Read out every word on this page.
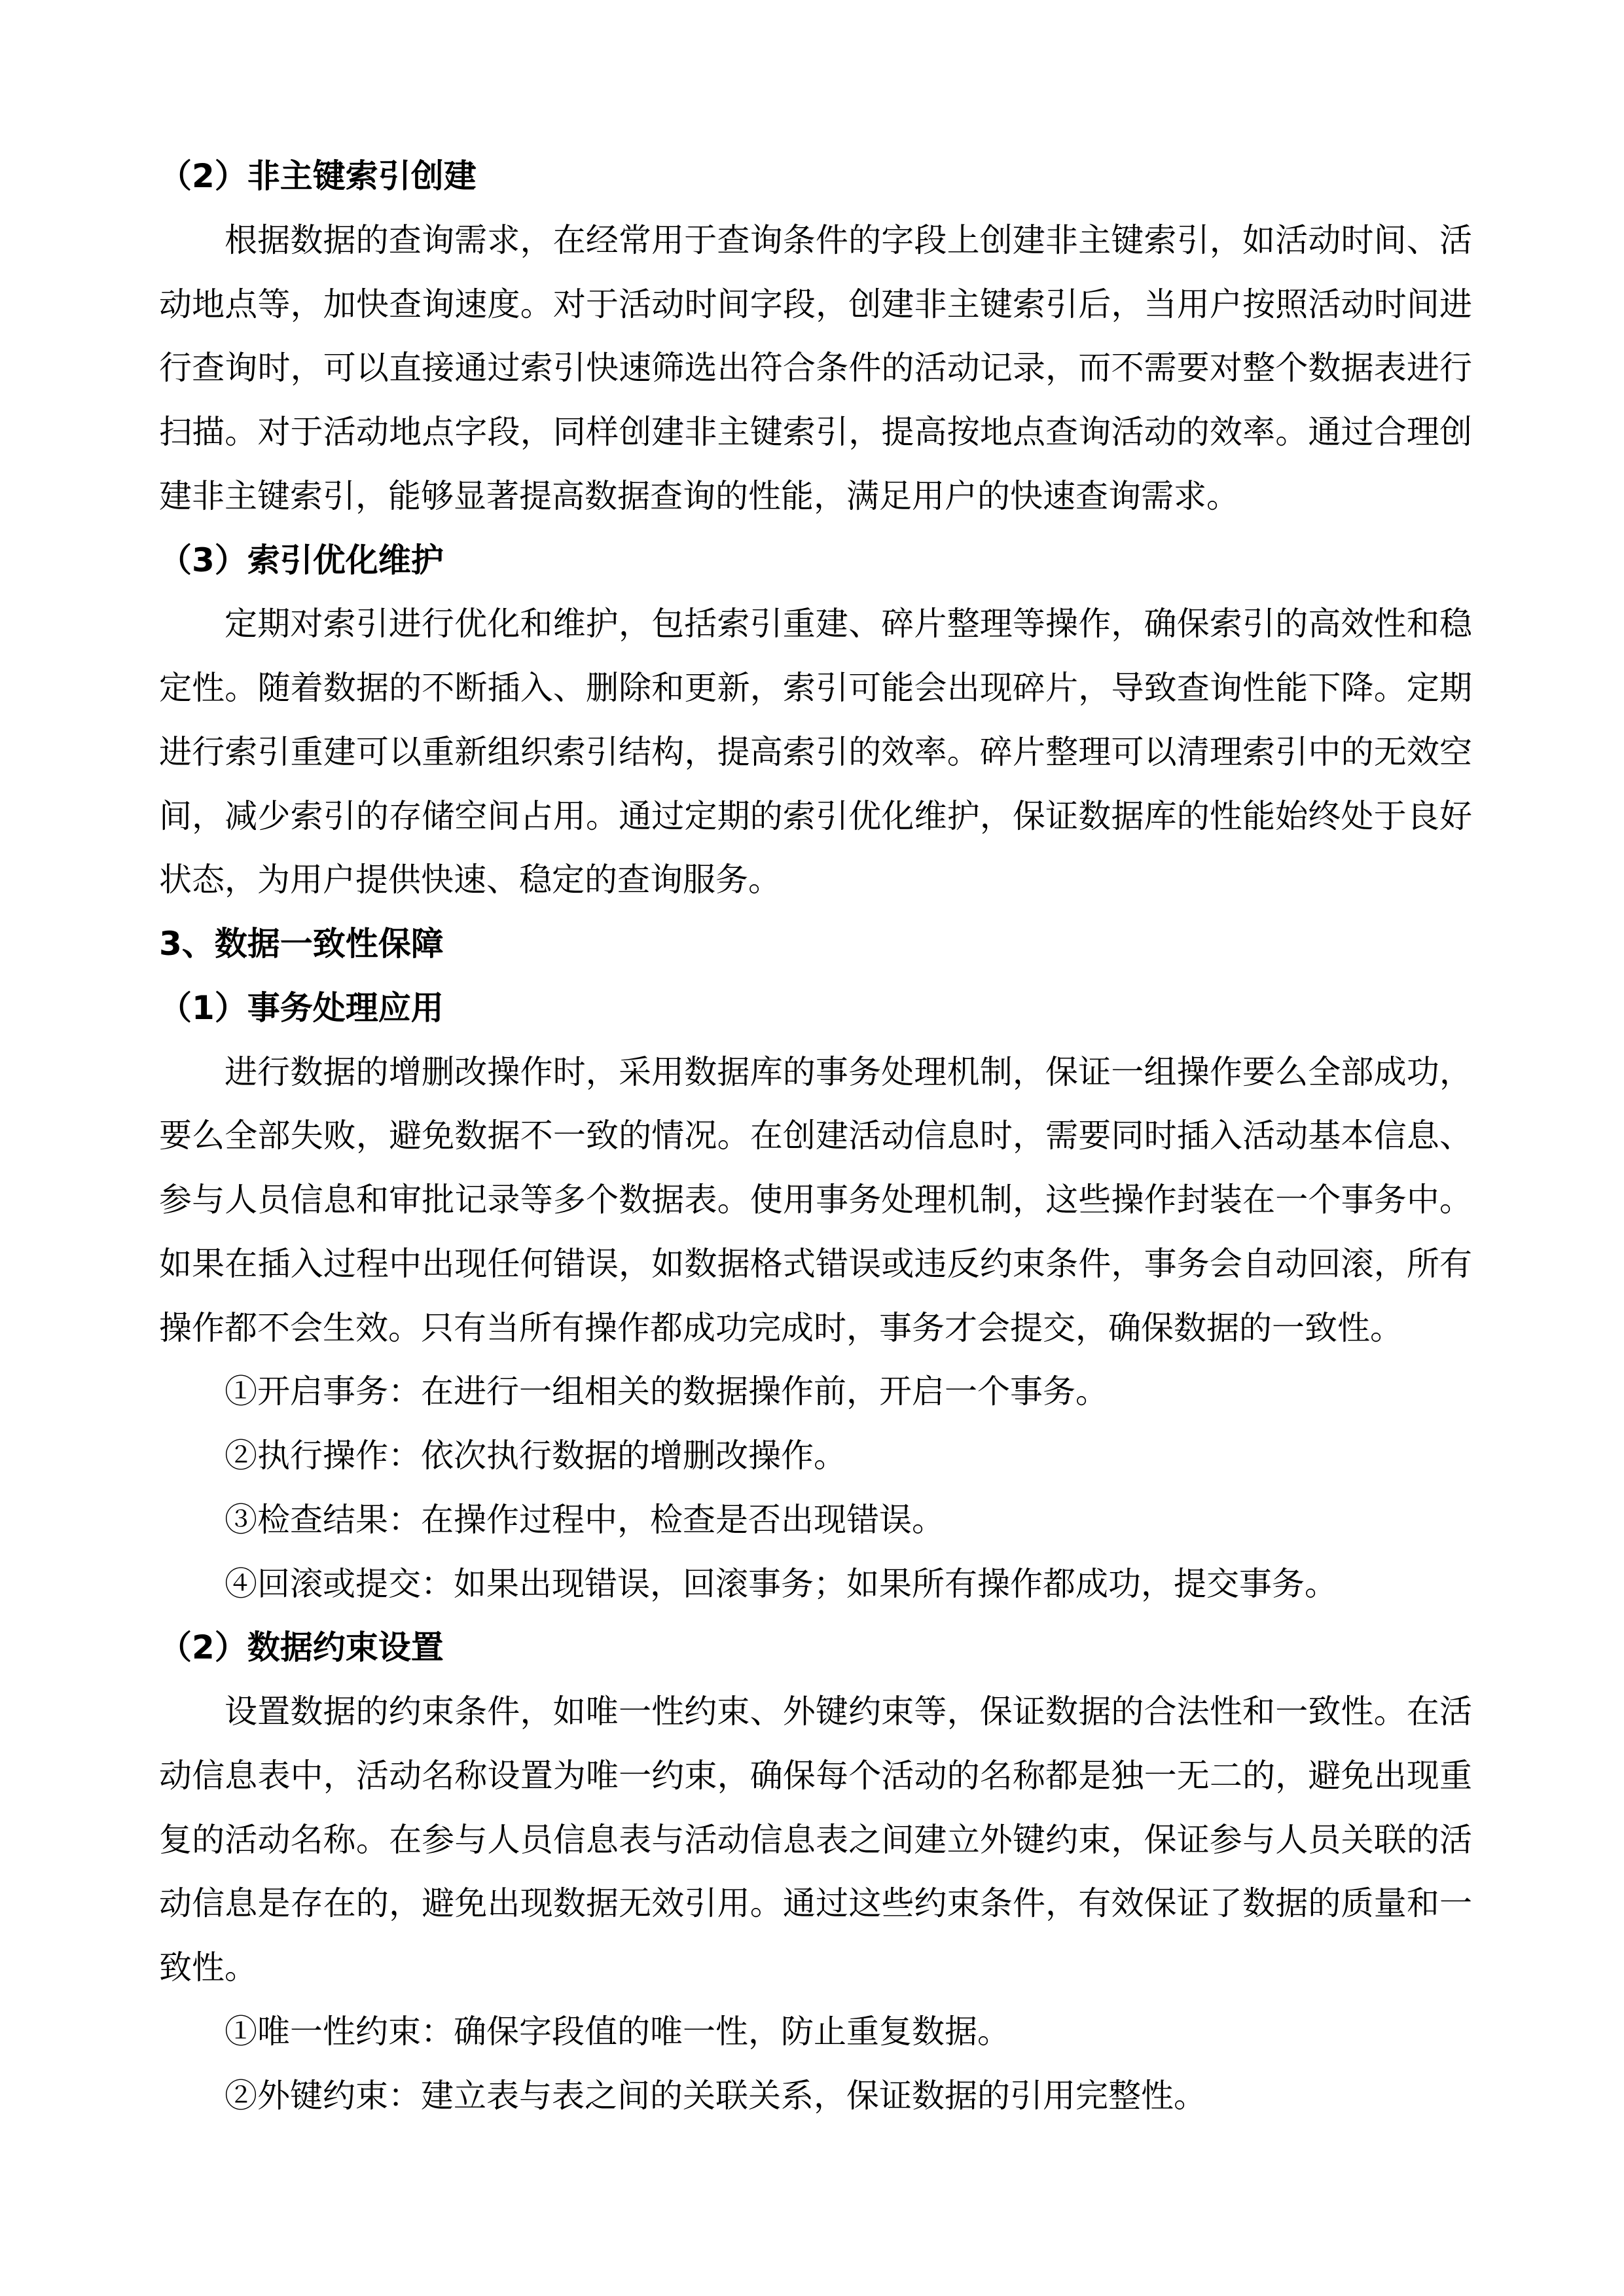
（2）非主键索引创建
根据数据的查询需求，在经常用于查询条件的字段上创建非主键索引，如活动时间、活
动地点等，加快查询速度。对于活动时间字段，创建非主键索引后，当用户按照活动时间进
行查询时，可以直接通过索引快速筛选出符合条件的活动记录，而不需要对整个数据表进行
扫描。对于活动地点字段，同样创建非主键索引，提高按地点查询活动的效率。通过合理创
建非主键索引，能够显著提高数据查询的性能，满足用户的快速查询需求。
（3）索引优化维护
定期对索引进行优化和维护，包括索引重建、碎片整理等操作，确保索引的高效性和稳
定性。随着数据的不断插入、删除和更新，索引可能会出现碎片，导致查询性能下降。定期
进行索引重建可以重新组织索引结构，提高索引的效率。碎片整理可以清理索引中的无效空
间，减少索引的存储空间占用。通过定期的索引优化维护，保证数据库的性能始终处于良好
状态，为用户提供快速、稳定的查询服务。
3、数据一致性保障
（1）事务处理应用
进行数据的增删改操作时，采用数据库的事务处理机制，保证一组操作要么全部成功，
要么全部失败，避免数据不一致的情况。在创建活动信息时，需要同时插入活动基本信息、
参与人员信息和审批记录等多个数据表。使用事务处理机制，这些操作封装在一个事务中。
如果在插入过程中出现任何错误，如数据格式错误或违反约束条件，事务会自动回滚，所有
操作都不会生效。只有当所有操作都成功完成时，事务才会提交，确保数据的一致性。
①开启事务：在进行一组相关的数据操作前，开启一个事务。
②执行操作：依次执行数据的增删改操作。
③检查结果：在操作过程中，检查是否出现错误。
④回滚或提交：如果出现错误，回滚事务；如果所有操作都成功，提交事务。
（2）数据约束设置
设置数据的约束条件，如唯一性约束、外键约束等，保证数据的合法性和一致性。在活
动信息表中，活动名称设置为唯一约束，确保每个活动的名称都是独一无二的，避免出现重
复的活动名称。在参与人员信息表与活动信息表之间建立外键约束，保证参与人员关联的活
动信息是存在的，避免出现数据无效引用。通过这些约束条件，有效保证了数据的质量和一
致性。
①唯一性约束：确保字段值的唯一性，防止重复数据。
②外键约束：建立表与表之间的关联关系，保证数据的引用完整性。
